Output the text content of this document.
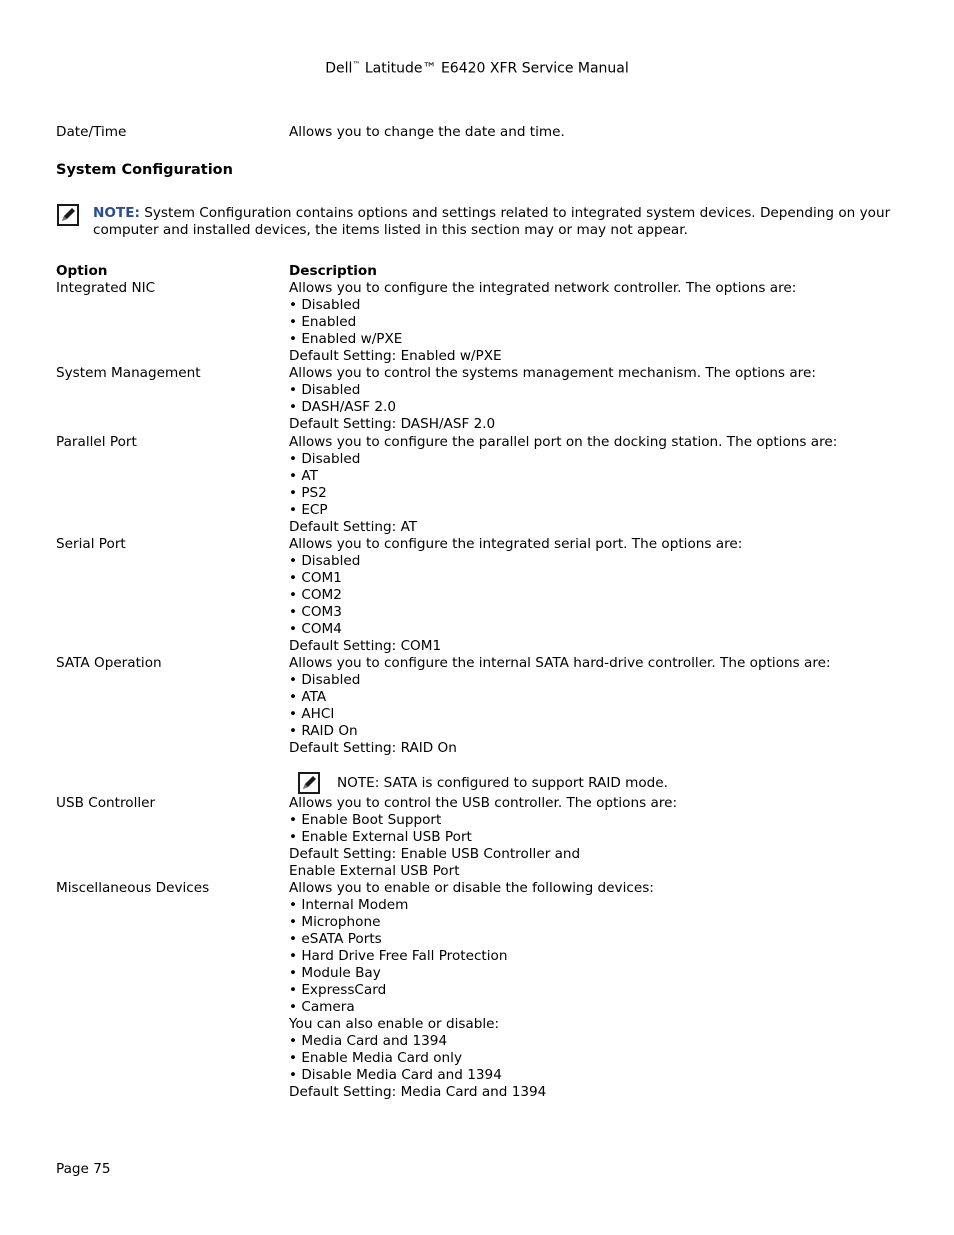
Dell™ Latitude™ E6420 XFR Service Manual
Date/Time	Allows you to change the date and time.
System Configuration
NOTE: System Configuration contains options and settings related to integrated system devices. Depending on your computer and installed devices, the items listed in this section may or may not appear.
Option	Description
Integrated NIC	Allows you to configure the integrated network controller. The options are:
• Disabled
• Enabled
• Enabled w/PXE
Default Setting: Enabled w/PXE
System Management	Allows you to control the systems management mechanism. The options are:
• Disabled
• DASH/ASF 2.0
Default Setting: DASH/ASF 2.0
Parallel Port	Allows you to configure the parallel port on the docking station. The options are:
• Disabled
• AT
• PS2
• ECP
Default Setting: AT
Serial Port	Allows you to configure the integrated serial port. The options are:
• Disabled
• COM1
• COM2
• COM3
• COM4
Default Setting: COM1
SATA Operation	Allows you to configure the internal SATA hard-drive controller. The options are:
• Disabled
• ATA
• AHCI
• RAID On
Default Setting: RAID On
NOTE: SATA is configured to support RAID mode.
USB Controller	Allows you to control the USB controller. The options are:
• Enable Boot Support
• Enable External USB Port
Default Setting: Enable USB Controller and
Enable External USB Port
Miscellaneous Devices	Allows you to enable or disable the following devices:
• Internal Modem
• Microphone
• eSATA Ports
• Hard Drive Free Fall Protection
• Module Bay
• ExpressCard
• Camera
You can also enable or disable:
• Media Card and 1394
• Enable Media Card only
• Disable Media Card and 1394
Default Setting: Media Card and 1394
Page 75
